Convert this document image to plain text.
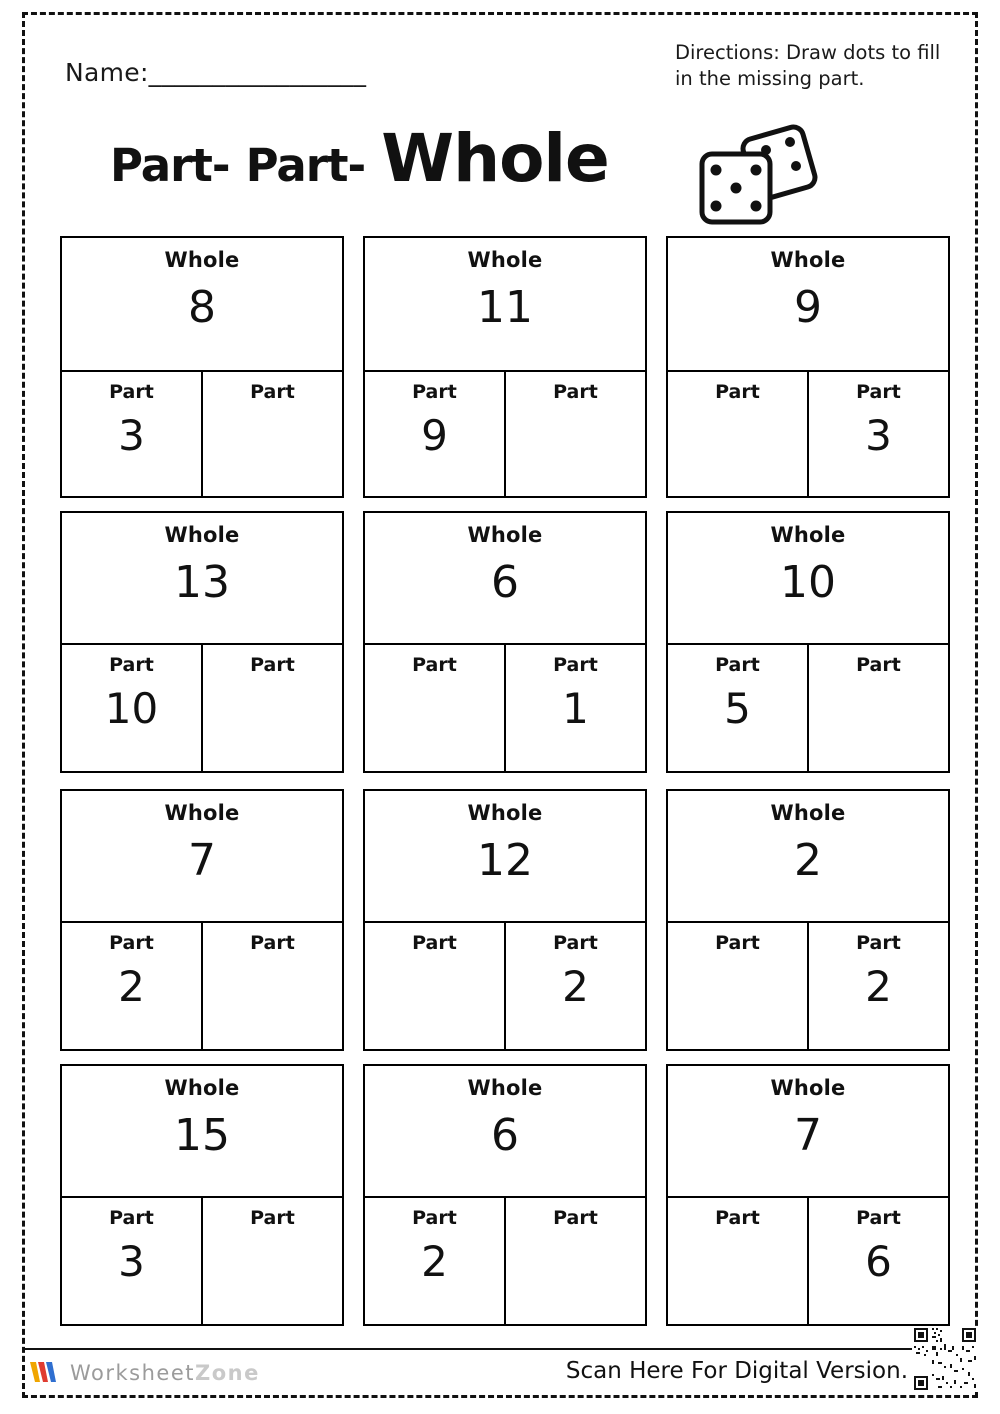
Name:_________________
Directions: Draw dots to fill in the missing part.
Part- Part- Whole
Whole
8
Part
3
Part
Whole
11
Part
9
Part
Whole
9
Part	Part
3
Whole
13
Part
10
Part
Whole
6
Part	Part
1
Whole
10
Part
5
Part
Whole
7
Part
2
Part
Whole
12
Part	Part
2
Whole
2
Part	Part
2
Whole
15
Part
3
Part
Whole
6
Part
2
Part
Whole
7
Part	Part
6
WorksheetZone	Scan Here For Digital Version.
